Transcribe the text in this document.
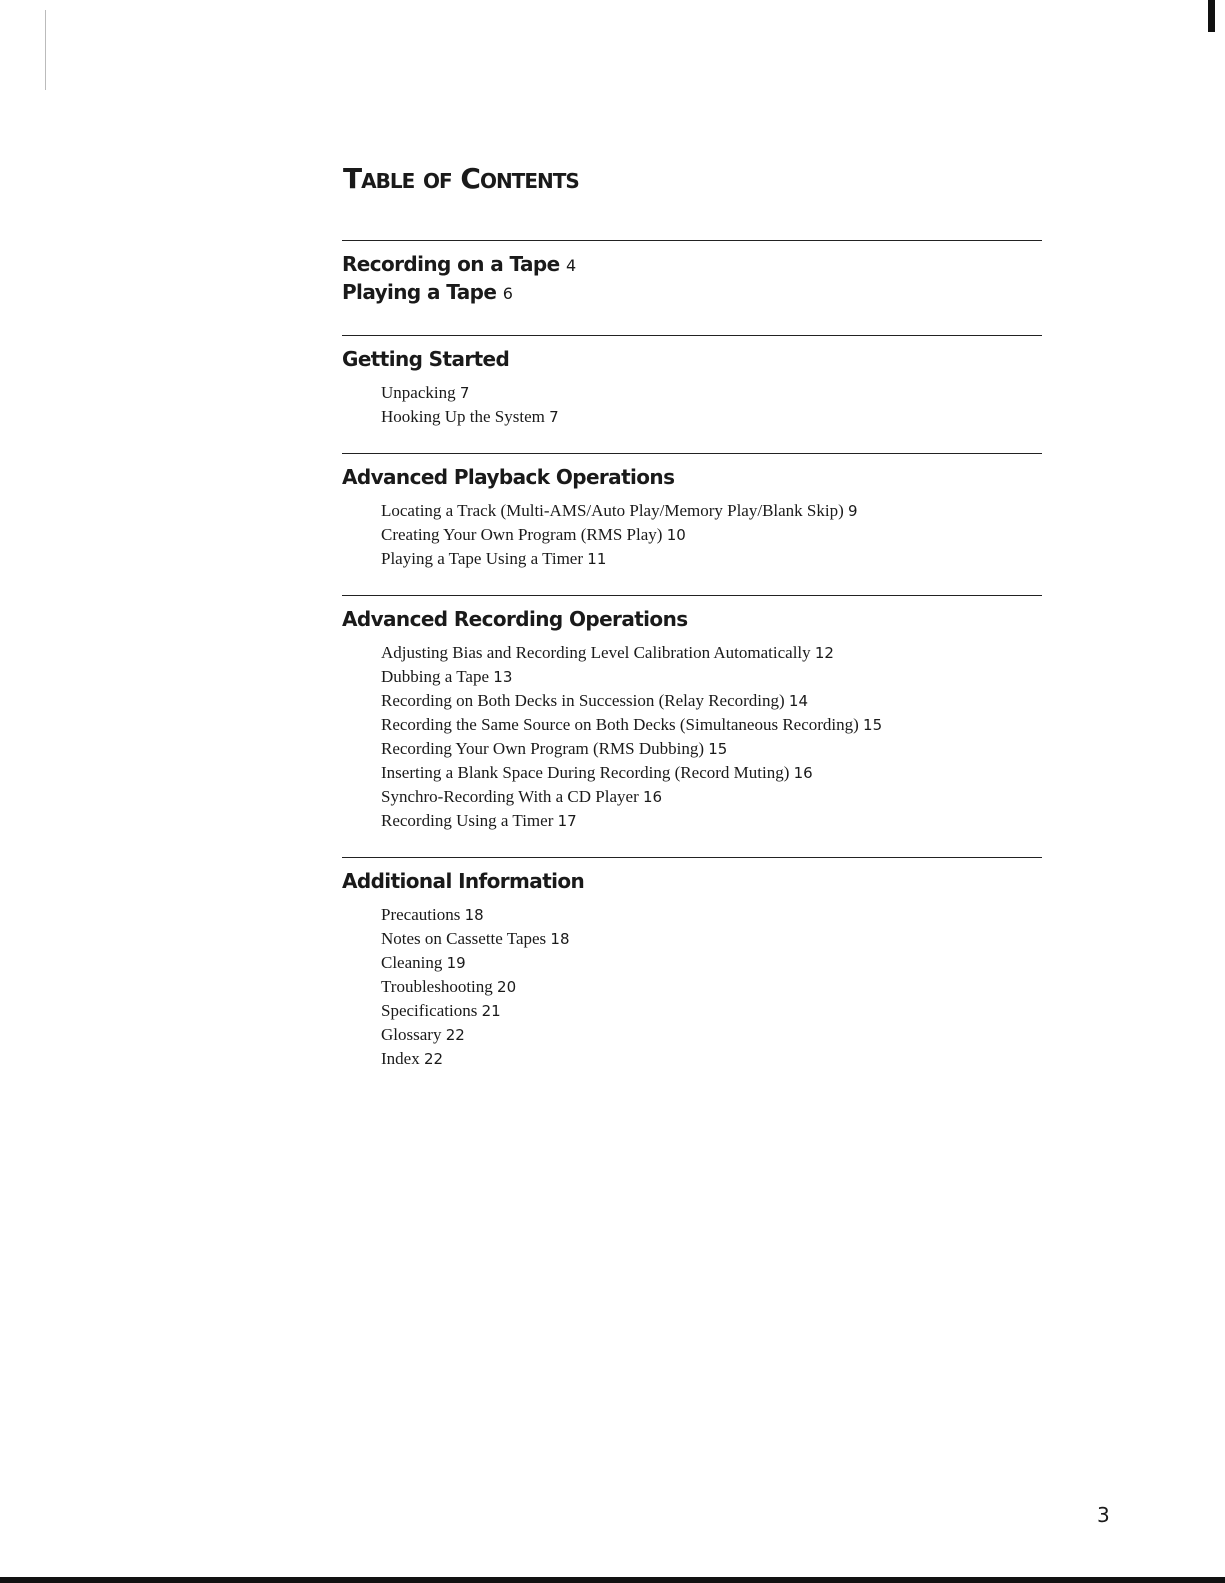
Table of Contents
Recording on a Tape 4
Playing a Tape 6
Getting Started
Unpacking 7
Hooking Up the System 7
Advanced Playback Operations
Locating a Track (Multi-AMS/Auto Play/Memory Play/Blank Skip) 9
Creating Your Own Program (RMS Play) 10
Playing a Tape Using a Timer 11
Advanced Recording Operations
Adjusting Bias and Recording Level Calibration Automatically 12
Dubbing a Tape 13
Recording on Both Decks in Succession (Relay Recording) 14
Recording the Same Source on Both Decks (Simultaneous Recording) 15
Recording Your Own Program (RMS Dubbing) 15
Inserting a Blank Space During Recording (Record Muting) 16
Synchro-Recording With a CD Player 16
Recording Using a Timer 17
Additional Information
Precautions 18
Notes on Cassette Tapes 18
Cleaning 19
Troubleshooting 20
Specifications 21
Glossary 22
Index 22
3
